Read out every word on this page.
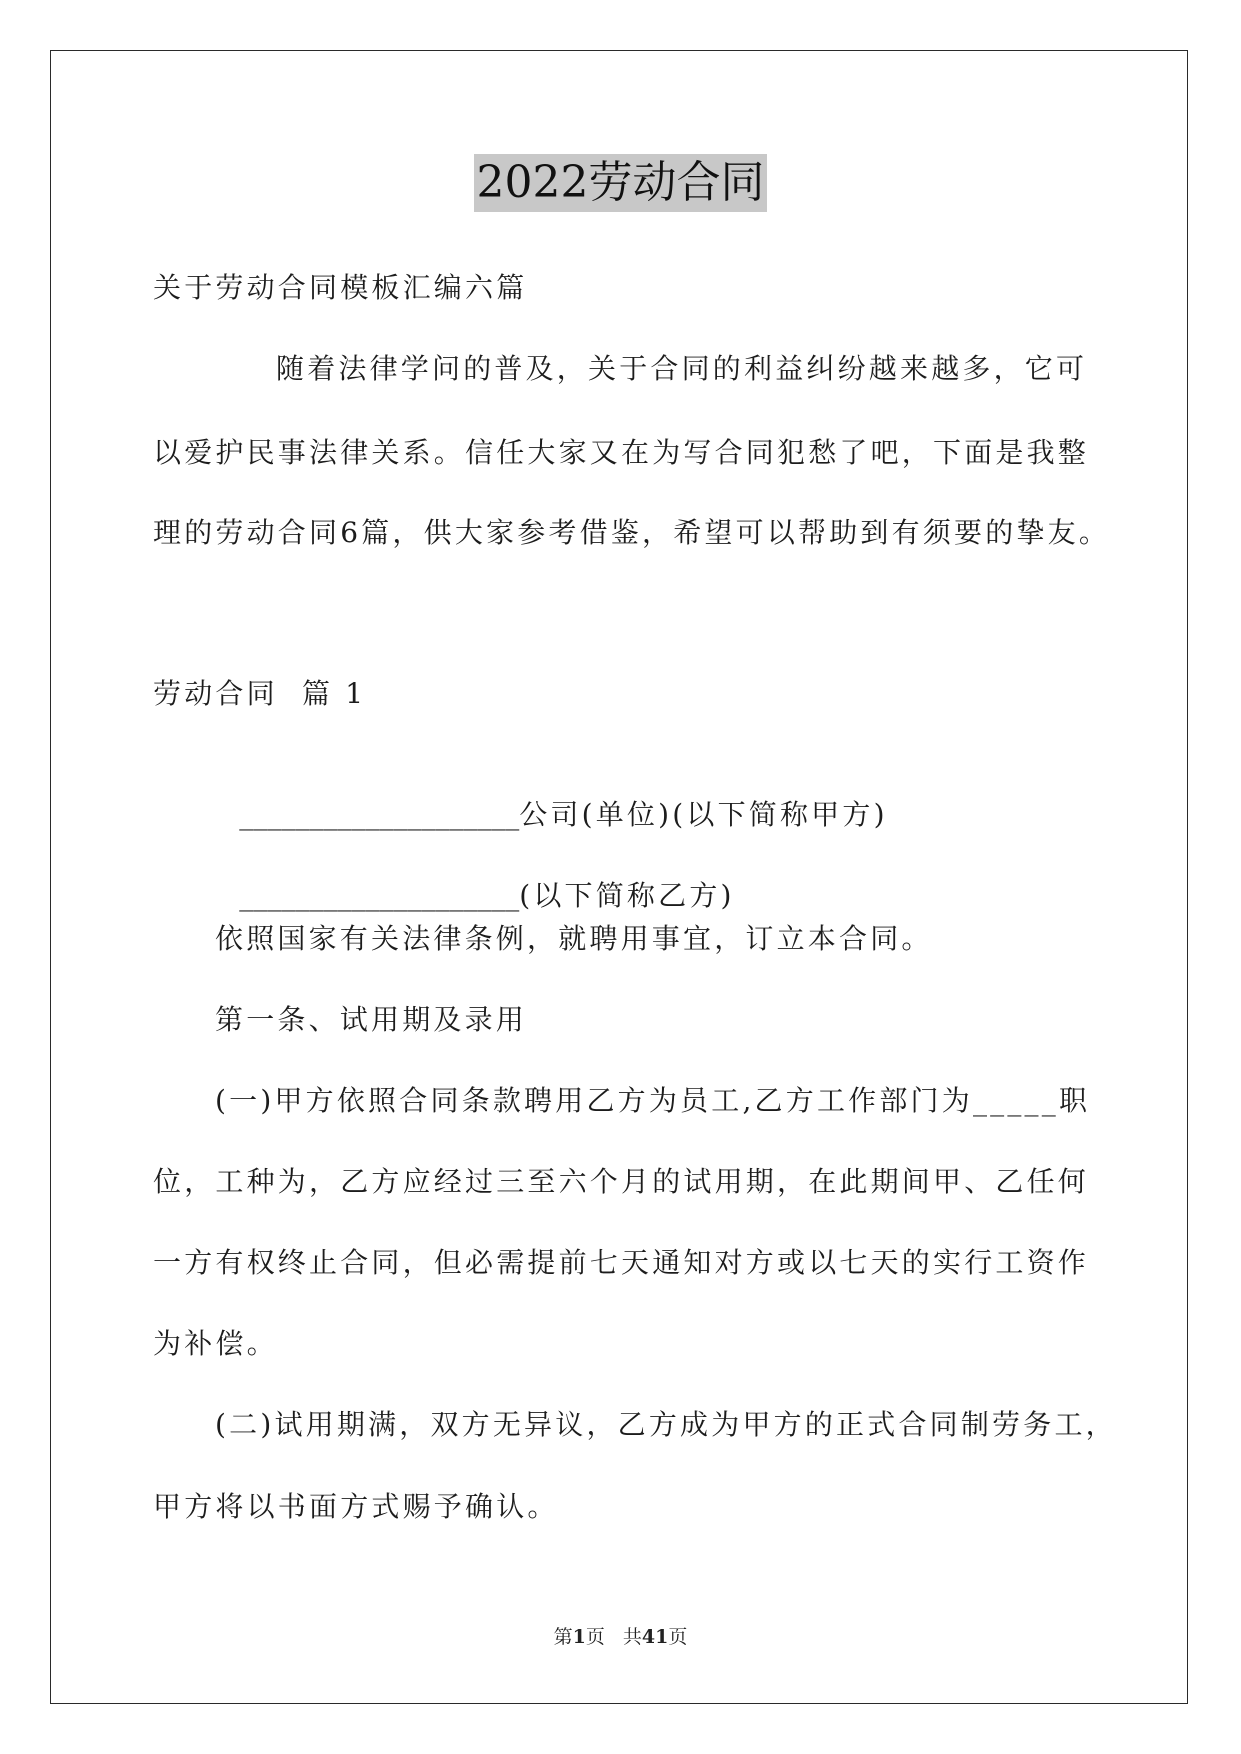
2022劳动合同
关于劳动合同模板汇编六篇
随着法律学问的普及，关于合同的利益纠纷越来越多，它可
以爱护民事法律关系。信任大家又在为写合同犯愁了吧，下面是我整
理的劳动合同6篇，供大家参考借鉴，希望可以帮助到有须要的挚友。
劳动合同  篇 1

____________________公司(单位)(以下简称甲方)

____________________(以下简称乙方)

依照国家有关法律条例，就聘用事宜，订立本合同。
第一条、试用期及录用
(一)甲方依照合同条款聘用乙方为员工,乙方工作部门为_____职
位，工种为，乙方应经过三至六个月的试用期，在此期间甲、乙任何
一方有权终止合同，但必需提前七天通知对方或以七天的实行工资作
为补偿。
(二)试用期满，双方无异议，乙方成为甲方的正式合同制劳务工，
甲方将以书面方式赐予确认。
第1页 共41页
